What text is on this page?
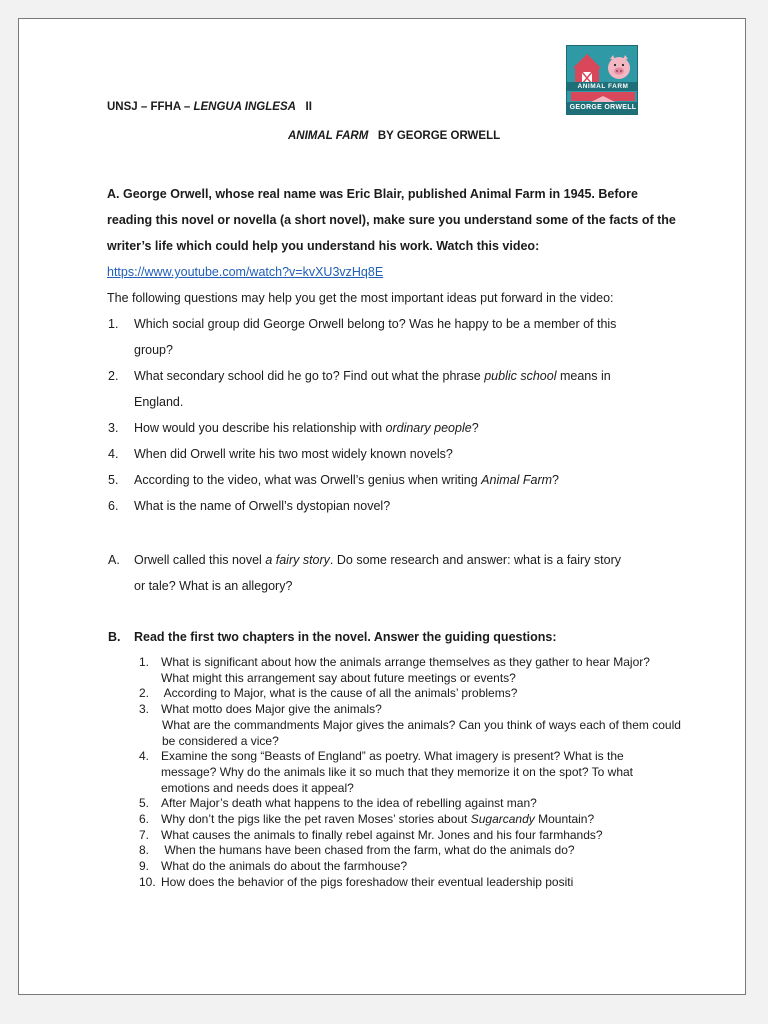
ANIMAL FARM
GEORGE ORWELL
UNSJ – FFHA – LENGUA INGLESA   II
ANIMAL FARM   BY GEORGE ORWELL
A. George Orwell, whose real name was Eric Blair, published Animal Farm in 1945. Before
reading this novel or novella (a short novel), make sure you understand some of the facts of the
writer’s life which could help you understand his work. Watch this video:
https://www.youtube.com/watch?v=kvXU3vzHq8E
The following questions may help you get the most important ideas put forward in the video:
1.	Which social group did George Orwell belong to? Was he happy to be a member of this
group?
2.	What secondary school did he go to? Find out what the phrase public school means in
England.
3.	How would you describe his relationship with ordinary people?
4.	When did Orwell write his two most widely known novels?
5.	According to the video, what was Orwell’s genius when writing Animal Farm?
6.	What is the name of Orwell’s dystopian novel?
A.	Orwell called this novel a fairy story. Do some research and answer: what is a fairy story
or tale? What is an allegory?
B.	Read the first two chapters in the novel. Answer the guiding questions:
1. What is significant about how the animals arrange themselves as they gather to hear Major? What might this arrangement say about future meetings or events?
2. According to Major, what is the cause of all the animals’ problems?
3. What motto does Major give the animals?
What are the commandments Major gives the animals? Can you think of ways each of them could be considered a vice?
4. Examine the song “Beasts of England” as poetry. What imagery is present? What is the message? Why do the animals like it so much that they memorize it on the spot? To what emotions and needs does it appeal?
5. After Major’s death what happens to the idea of rebelling against man?
6. Why don’t the pigs like the pet raven Moses’ stories about Sugarcandy Mountain?
7. What causes the animals to finally rebel against Mr. Jones and his four farmhands?
8. When the humans have been chased from the farm, what do the animals do?
9. What do the animals do about the farmhouse?
10. How does the behavior of the pigs foreshadow their eventual leadership positi
